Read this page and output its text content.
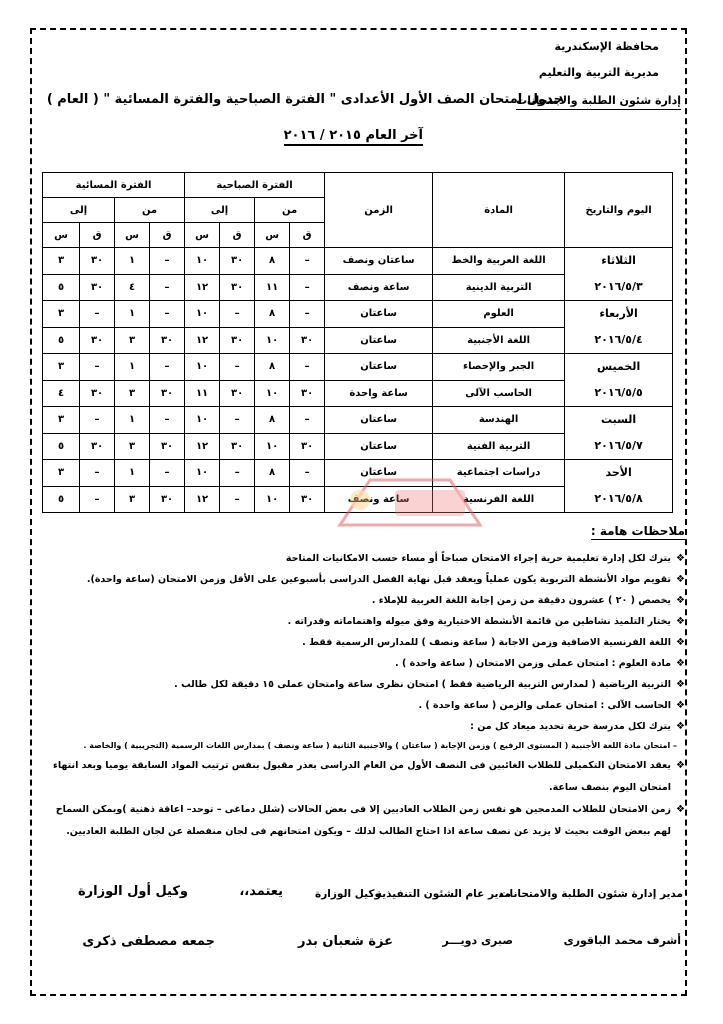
محافظة الإسكندرية
مديرية التربية والتعليم
إدارة شئون الطلبة والامتحانات
جدول امتحان الصف الأول الأعدادى " الفترة الصباحية والفترة المسائية " ( العام )
آخر العام ٢٠١٥ / ٢٠١٦
اليوم والتاريخ	المادة	الزمن	الفترة الصباحية				الفترة المسائية			
			من		إلى		من		إلى	
			ق	س	ق	س	ق	س	ق	س

الثلاثاء
٢٠١٦/٥/٣	اللغة العربية والخط	ساعتان ونصف	–	٨	٣٠	١٠	–	١	٣٠	٣
	التربية الدينية	ساعة ونصف	–	١١	٣٠	١٢	–	٤	٣٠	٥

الأربعاء
٢٠١٦/٥/٤	العلوم	ساعتان	–	٨	–	١٠	–	١	–	٣
	اللغة الأجنبية	ساعتان	٣٠	١٠	٣٠	١٢	٣٠	٣	٣٠	٥

الخميس
٢٠١٦/٥/٥	الجبر والإحصاء	ساعتان	–	٨	–	١٠	–	١	–	٣
	الحاسب الآلى	ساعة واحدة	٣٠	١٠	٣٠	١١	٣٠	٣	٣٠	٤

السبت
٢٠١٦/٥/٧	الهندسة	ساعتان	–	٨	–	١٠	–	١	–	٣
	التربية الفنية	ساعتان	٣٠	١٠	٣٠	١٢	٣٠	٣	٣٠	٥

الأحد
٢٠١٦/٥/٨	دراسات اجتماعية	ساعتان	–	٨	–	١٠	–	١	–	٣
	اللغة الفرنسية	ساعة ونصف	٣٠	١٠	–	١٢	٣٠	٣	–	٥
ملاحظات هامة :
❖
يترك لكل إدارة تعليمية حرية إجراء الامتحان صباحاً أو مساء حسب الامكانيات المتاحة
❖
تقويم مواد الأنشطة التربوية يكون عملياً ويعقد قبل نهاية الفصل الدراسى بأسبوعين على الأقل وزمن الامتحان (ساعة واحدة).
❖
يخصص ( ٢٠ ) عشرون دقيقة من زمن إجابة اللغة العربية للإملاء .
❖
يختار التلميذ نشاطين من قائمة الأنشطة الاختيارية وفق ميوله واهتماماته وقدراته .
❖
اللغة الفرنسية الاضافية وزمن الاجابة ( ساعة ونصف ) للمدارس الرسمية فقط .
❖
مادة العلوم : امتحان عملى وزمن الامتحان ( ساعة واحدة ) .
❖
التربية الرياضية ( لمدارس التربية الرياضية فقط ) امتحان نظرى ساعة وامتحان عملى ١٥ دقيقة لكل طالب .
❖
الحاسب الآلى : امتحان عملى والزمن ( ساعة واحدة ) .
❖
يترك لكل مدرسة حرية تحديد ميعاد كل من :
– امتحان مادة اللغة الأجنبية ( المستوى الرفيع ) وزمن الإجابة ( ساعتان ) والاجنبية الثانية ( ساعة ونصف ) بمدارس اللغات الرسمية (التجريبية ) والخاصة .
❖
يعقد الامتحان التكميلى للطلاب الغائبين فى النصف الأول من العام الدراسى بعذر مقبول بنفس ترتيب المواد السابقة يوميا وبعد انتهاء امتحان اليوم بنصف ساعة.
❖
زمن الامتحان للطلاب المدمجين هو نفس زمن الطلاب العاديين إلا فى بعض الحالات (شلل دماغى – توحد– اعاقة ذهنية )ويمكن السماح لهم ببعض الوقت بحيث لا يزيد عن نصف ساعة اذا احتاج الطالب لذلك – ويكون امتحانهم فى لجان منفصلة عن لجان الطلبة العاديين.
مدير إدارة شئون الطلبة والامتحانات
مدير عام الشئون التنفيذية
وكيل الوزارة
يعتمد،،
وكيل أول الوزارة
أشرف محمد الباقورى
صبرى دويـــر
عزة شعبان بدر
جمعه مصطفى ذكرى
